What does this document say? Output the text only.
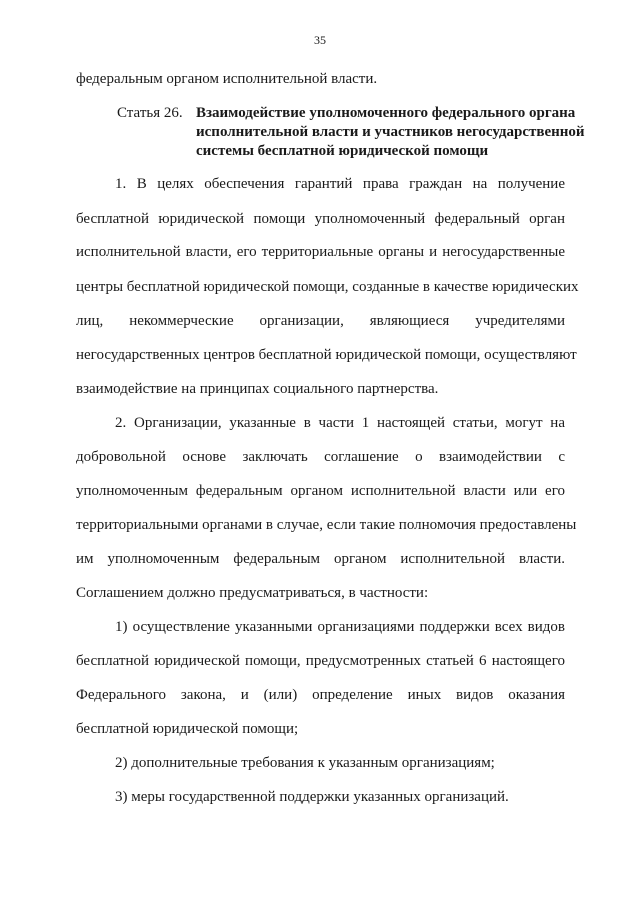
35
федеральным органом исполнительной власти.
Статья 26. Взаимодействие уполномоченного федерального органа
исполнительной власти и участников негосударственной
системы бесплатной юридической помощи
1. В целях обеспечения гарантий права граждан на получение
бесплатной юридической помощи уполномоченный федеральный орган
исполнительной власти, его территориальные органы и негосударственные
центры бесплатной юридической помощи, созданные в качестве юридических
лиц, некоммерческие организации, являющиеся учредителями
негосударственных центров бесплатной юридической помощи, осуществляют
взаимодействие на принципах социального партнерства.
2. Организации, указанные в части 1 настоящей статьи, могут на
добровольной основе заключать соглашение о взаимодействии с
уполномоченным федеральным органом исполнительной власти или его
территориальными органами в случае, если такие полномочия предоставлены
им уполномоченным федеральным органом исполнительной власти.
Соглашением должно предусматриваться, в частности:
1) осуществление указанными организациями поддержки всех видов
бесплатной юридической помощи, предусмотренных статьей 6 настоящего
Федерального закона, и (или) определение иных видов оказания
бесплатной юридической помощи;
2) дополнительные требования к указанным организациям;
3) меры государственной поддержки указанных организаций.
